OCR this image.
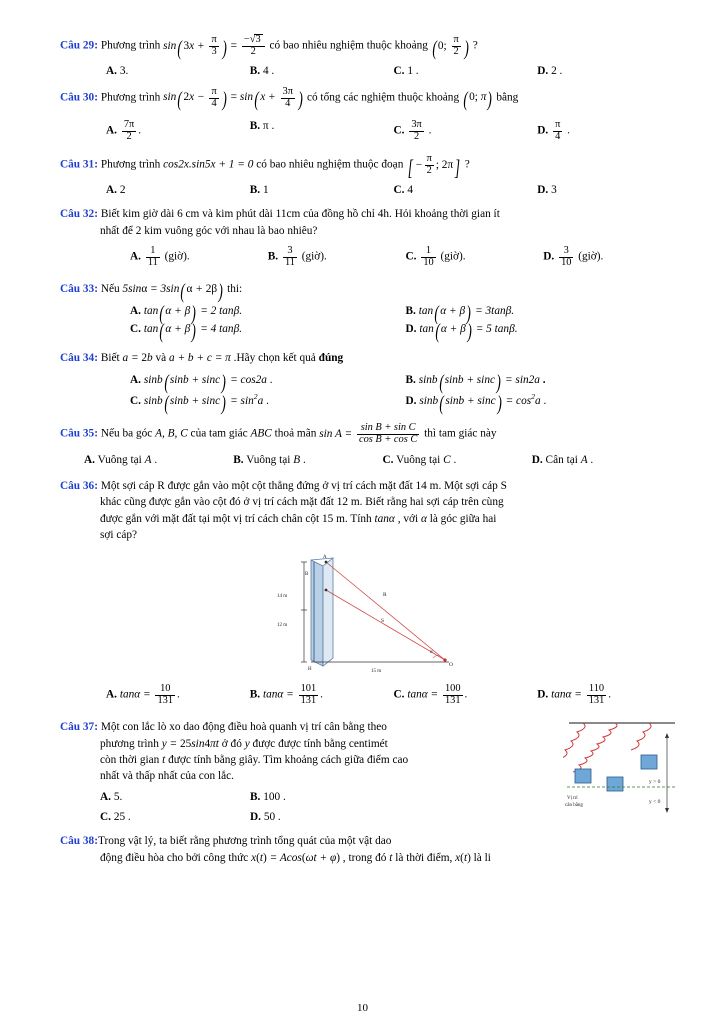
Câu 29: Phương trình $\sin(3x + \frac{\pi}{3}$ ) = $\frac{-√3}{2}$ có bao nhiêu nghiệm thuộc khoảng (0; $\frac{\pi}{2}$ ) ?
A. 3.	B. 4 .	C. 1 .	D. 2 .
Câu 30: Phương trình $\sin(2x - \frac{\pi}{4}$ ) = $\sin(x + \frac{3\pi}{4}$ ) có tổng các nghiệm thuộc khoảng (0; π) bằng
A. $\frac{7\pi}{2}$ .	B. π .	C. $\frac{3\pi}{2}$ .	D. $\frac{\pi}{4}$ .
Câu 31: Phương trình cos2x.sin5x + 1 = 0 có bao nhiêu nghiệm thuộc đoạn [ − $\frac{\pi}{2}$ ; 2π] ?
A. 2	B. 1	C. 4	D. 3
Câu 32: Biết kim giờ dài 6 cm và kim phút dài 11cm của đồng hồ chỉ 4h. Hỏi khoảng thời gian ít
nhất để 2 kim vuông góc với nhau là bao nhiêu?
A. $\frac{1}{11}$ (giờ).	B. $\frac{3}{11}$ (giờ).	C. $\frac{1}{10}$ (giờ).	D. $\frac{3}{10}$ (giờ).
Câu 33: Nếu 5sinα = 3sin(α + 2β) thi:
A. tan(α + β) = 2 tanβ.	B. tan(α + β) = 3tanβ.
C. tan(α + β) = 4 tanβ.	D. tan(α + β) = 5 tanβ.
Câu 34: Biết a = 2b và a + b + c = π .Hãy chọn kết quả đúng
A. sinb(sinb + sinc) = cos2a .	B. sinb(sinb + sinc) = sin2a .
C. $\sin b(\sin b + \sin c) = \sin^2a$ .	D. $\sin b(\sin b + \sin c) = \cos^2a$ .
Câu 35: Nếu ba góc A, B, C của tam giác ABC thoả mãn $\sin A = \frac{\text{sin B + sin C}}{\text{cos B + cos C}}$ thì tam giác này
A. Vuông tại A .	B. Vuông tại B .	C. Vuông tại C .	D. Cân tại A .
Câu 36: Một sợi cáp R được gắn vào một cột thẳng đứng ở vị trí cách mặt đất 14 m. Một sợi cáp S
khác cũng được gắn vào cột đó ở vị trí cách mặt đất 12 m. Biết rằng hai sợi cáp trên cùng
được gắn với mặt đất tại một vị trí cách chân cột 15 m. Tính tanα , với α là góc giữa hai
sợi cáp?
A
B
R
S
14 m
12 m
15 m
H
O
α
A. $\tan\alpha = \frac{10}{131}$ .	B. $\tan\alpha = \frac{101}{131}$ .	C. $\tan\alpha = \frac{100}{131}$ .	D. $\tan\alpha = \frac{110}{131}$ .
Vị trí
cân bằng
y > 0
y < 0
Câu 37: Một con lắc lò xo dao động điều hoà quanh vị trí cân bằng theo
phương trình y = 25sin4πt ở đó y được được tính bằng centimét
còn thời gian t được tính bằng giây. Tìm khoảng cách giữa điểm cao
nhất và thấp nhất của con lắc.
A. 5.	B. 100 .
C. 25 .	D. 50 .
Câu 38:Trong vật lý, ta biết rằng phương trình tổng quát của một vật dao
động điều hòa cho bởi công thức x(t) = Acos(ωt + φ) , trong đó t là thời điểm, x(t) là li
10
